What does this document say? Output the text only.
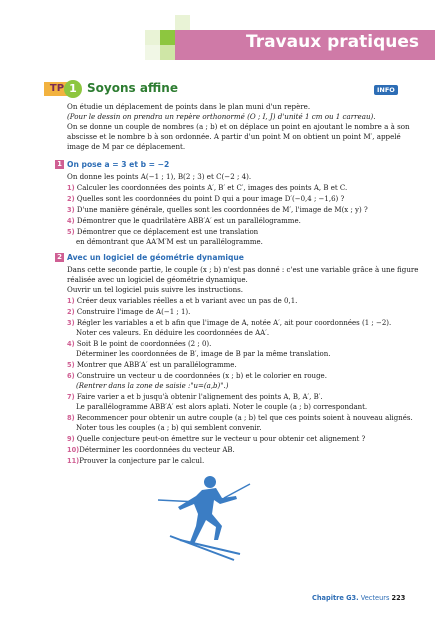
Travaux pratiques
TP 1 Soyons affine	INFO
On étudie un déplacement de points dans le plan muni d'un repère.
(Pour le dessin on prendra un repère orthonormé (O ; I, J) d'unité 1 cm ou 1 carreau).
On se donne un couple de nombres (a ; b) et on déplace un point en ajoutant le nombre a à son
abscisse et le nombre b à son ordonnée. A partir d'un point M on obtient un point M′, appelé
image de M par ce déplacement.
1 On pose a = 3 et b = −2
On donne les points A(−1 ; 1), B(2 ; 3) et C(−2 ; 4).
1) Calculer les coordonnées des points A′, B′ et C′, images des points A, B et C.
2) Quelles sont les coordonnées du point D qui a pour image D′(−0,4 ; −1,6) ?
3) D'une manière générale, quelles sont les coordonnées de M′, l'image de M(x ; y) ?
4) Démontrer que le quadrilatère ABB′A′ est un parallélogramme.
5) Démontrer que ce déplacement est une translation
en démontrant que AA′M′M est un parallélogramme.
2 Avec un logiciel de géométrie dynamique
Dans cette seconde partie, le couple (x ; b) n'est pas donné : c'est une variable grâce à une figure
réalisée avec un logiciel de géométrie dynamique.
Ouvrir un tel logiciel puis suivre les instructions.
1) Créer deux variables réelles a et b variant avec un pas de 0,1.
2) Construire l'image de A(−1 ; 1).
3) Régler les variables a et b afin que l'image de A, notée A′, ait pour coordonnées (1 ; −2).
Noter ces valeurs. En déduire les coordonnées de AA′.
4) Soit B le point de coordonnées (2 ; 0).
Déterminer les coordonnées de B′, image de B par la même translation.
5) Montrer que ABB′A′ est un parallélogramme.
6) Construire un vecteur u de coordonnées (x ; b) et le colorier en rouge.
(Rentrer dans la zone de saisie :"u=(a,b)".)
7) Faire varier a et b jusqu'à obtenir l'alignement des points A, B, A′, B′.
Le parallélogramme ABB′A′ est alors aplati. Noter le couple (a ; b) correspondant.
8) Recommencer pour obtenir un autre couple (a ; b) tel que ces points soient à nouveau alignés.
Noter tous les couples (a ; b) qui semblent convenir.
9) Quelle conjecture peut-on émettre sur le vecteur u pour obtenir cet alignement ?
10)Déterminer les coordonnées du vecteur AB.
11)Prouver la conjecture par le calcul.
Chapitre G3. Vecteurs 223
